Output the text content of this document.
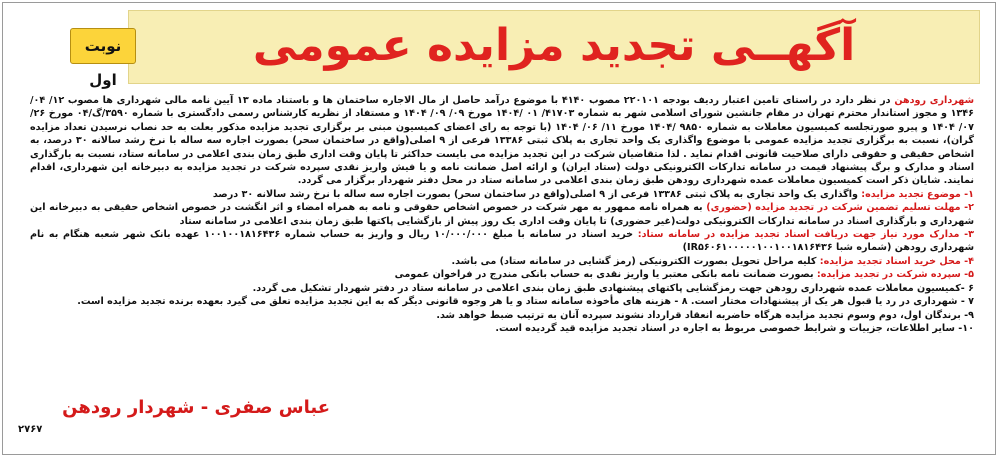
آگهــی تجدید مزایده عمومی
نوبت اول

شهرداری رودهن در نظر دارد در راستای تامین اعتبار ردیف بودجه ۲۲۰۱۰۱ مصوب ۴۱۴۰ با موضوع درآمد حاصل از مال الاجاره ساختمان ها و باستناد ماده ۱۳ آیین نامه مالی شهرداری ها مصوب ۱۲/ ۰۴/ ۱۳۴۶ و مجوز استاندار محترم تهران در مقام جانشین شورای اسلامی شهر به شماره ۴۱۷۰۳/ ۰۱ /۱۴۰۴ مورخ ۰۹/ ۰۹/ ۱۴۰۴ و مستفاد از نظریه کارشناس رسمی دادگستری با شماره ۳۵۹۰/گ/۰۴ مورخ ۲۶/ ۰۷/ ۱۴۰۴ و پیرو صورتجلسه کمیسیون معاملات به شماره ۹۸۵۰ /۱۴۰۴ مورخ ۱۱/ ۰۶/ ۱۴۰۴ (با توجه به رای اعضای کمیسیون مبنی بر برگزاری تجدید مزایده مذکور بعلت به حد نصاب نرسیدن تعداد مزایده گران)، نسبت به برگزاری تجدید مزایده عمومی با موضوع واگذاری یک واحد تجاری به پلاک ثبتی ۱۳۳۸۶ فرعی از ۹ اصلی(واقع در ساختمان سحر) بصورت اجاره سه ساله با نرخ رشد سالانه ۳۰ درصد، به اشخاص حقیقی و حقوقی دارای صلاحیت قانونی اقدام نماید . لذا متقاضیان شرکت در این تجدید مزایده می بایست حداکثر تا پایان وقت اداری طبق زمان بندی اعلامی در سامانه ستاد، نسبت به بارگذاری اسناد و مدارک و برگ پیشنهاد قیمت در سامانه تدارکات الکترونیکی دولت (ستاد ایران) و ارائه اصل ضمانت نامه و یا فیش واریز نقدی سپرده شرکت در تجدید مزایده به دبیرخانه این شهرداری، اقدام نمایند. شایان ذکر است کمیسیون معاملات عمده شهرداری رودهن طبق زمان بندی اعلامی در سامانه ستاد در محل دفتر شهردار برگزار می گردد.

۱- موضوع تجدید مزایده: واگذاری یک واحد تجاری به پلاک ثبتی ۱۳۳۸۶ فرعی از ۹ اصلی(واقع در ساختمان سحر) بصورت اجاره سه ساله با نرخ رشد سالانه ۳۰ درصد

۲- مهلت تسلیم تضمین شرکت در تجدید مزایده (حضوری) به همراه نامه ممهور به مهر شرکت در خصوص اشخاص حقوقی و نامه به همراه امضاء و اثر انگشت در خصوص اشخاص حقیقی به دبیرخانه این شهرداری و بارگذاری اسناد در سامانه تدارکات الکترونیکی دولت(غیر حضوری) تا پایان وقت اداری یک روز پیش از بازگشایی پاکتها طبق زمان بندی اعلامی در سامانه ستاد

۳- مدارک مورد نیاز جهت دریافت اسناد تجدید مزایده در سامانه ستاد: خرید اسناد در سامانه با مبلغ ۱۰/۰۰۰/۰۰۰ ریال و واریز به حساب شماره ۱۰۰۱۰۰۱۸۱۶۴۳۶ عهده بانک شهر شعبه هنگام به نام شهرداری رودهن (شماره شبا IR۵۶۰۶۱۰۰۰۰۰۱۰۰۱۰۰۱۸۱۶۴۳۶)

۴- محل خرید اسناد تجدید مزایده: کلیه مراحل تحویل بصورت الکترونیکی (رمز گشایی در سامانه ستاد) می باشد.

۵- سپرده شرکت در تجدید مزایده: بصورت ضمانت نامه بانکی معتبر یا واریز نقدی به حساب بانکی مندرج در فراخوان عمومی

۶ -کمیسیون معاملات عمده شهرداری رودهن جهت رمزگشایی پاکتهای پیشنهادی طبق زمان بندی اعلامی در سامانه ستاد در دفتر شهردار تشکیل می گردد.

۷ - شهرداری در رد یا قبول هر یک از پیشنهادات مختار است. ۸ - هزینه های مأخوذه سامانه ستاد و یا هر وجوه قانونی دیگر که به این تجدید مزایده تعلق می گیرد بعهده برنده تجدید مزایده است.

۹- برندگان اول، دوم وسوم تجدید مزایده هرگاه حاضربه انعقاد قرارداد نشوند سپرده آنان به ترتیب ضبط خواهد شد.

۱۰- سایر اطلاعات، جزییات و شرایط خصوصی مربوط به اجاره در اسناد تجدید مزایده قید گردیده است.

عباس صفری - شهردار رودهن
۲۷۶۷
